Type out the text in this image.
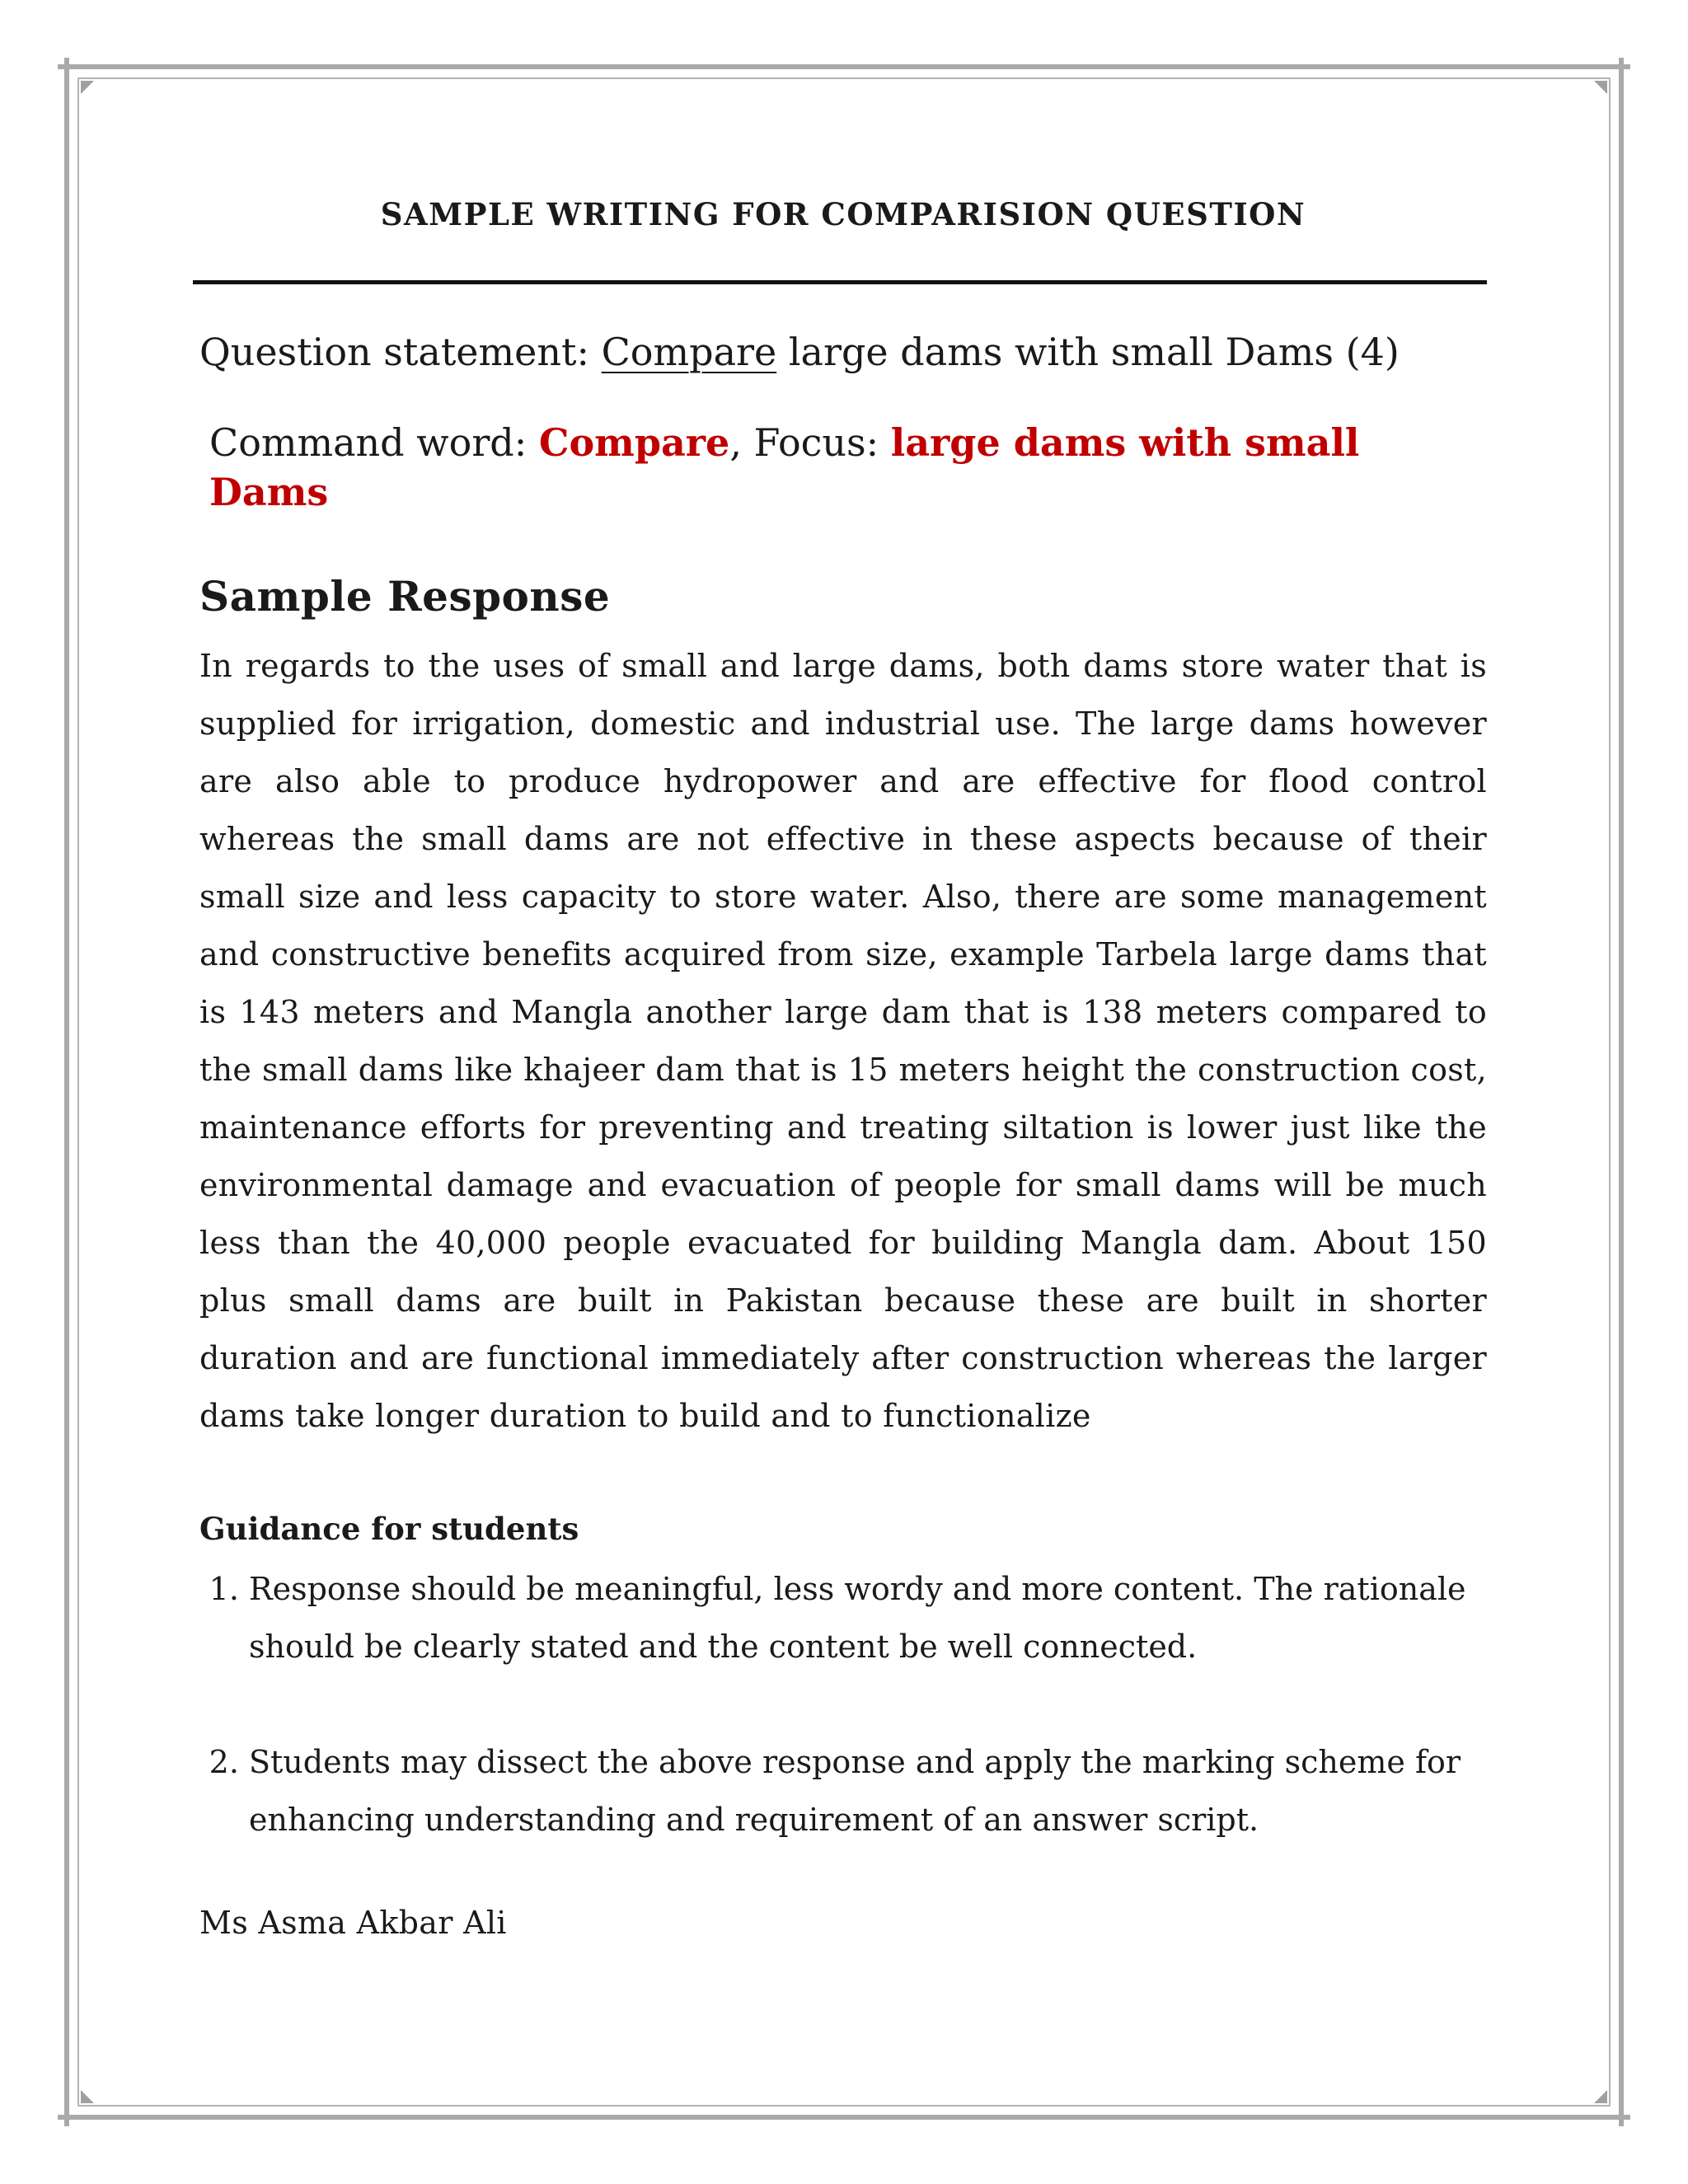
SAMPLE WRITING FOR COMPARISION QUESTION
Question statement: Compare large dams with small Dams (4)
Command word: Compare, Focus: large dams with small Dams
Sample Response

In regards to the uses of small and large dams, both dams store water that is supplied for irrigation, domestic and industrial use. The large dams however are also able to produce hydropower and are effective for flood control whereas the small dams are not effective in these aspects because of their small size and less capacity to store water. Also, there are some management and constructive benefits acquired from size, example Tarbela large dams that is 143 meters and Mangla another large dam that is 138 meters compared to the small dams like khajeer dam that is 15 meters height the construction cost, maintenance efforts for preventing and treating siltation is lower just like the environmental damage and evacuation of people for small dams will be much less than the 40,000 people evacuated for building Mangla dam. About 150 plus small dams are built in Pakistan because these are built in shorter duration and are functional immediately after construction whereas the larger dams take longer duration to build and to functionalize

Guidance for students
1. Response should be meaningful, less wordy and more content. The rationale should be clearly stated and the content be well connected.
2. Students may dissect the above response and apply the marking scheme for enhancing understanding and requirement of an answer script.
Ms Asma Akbar Ali
